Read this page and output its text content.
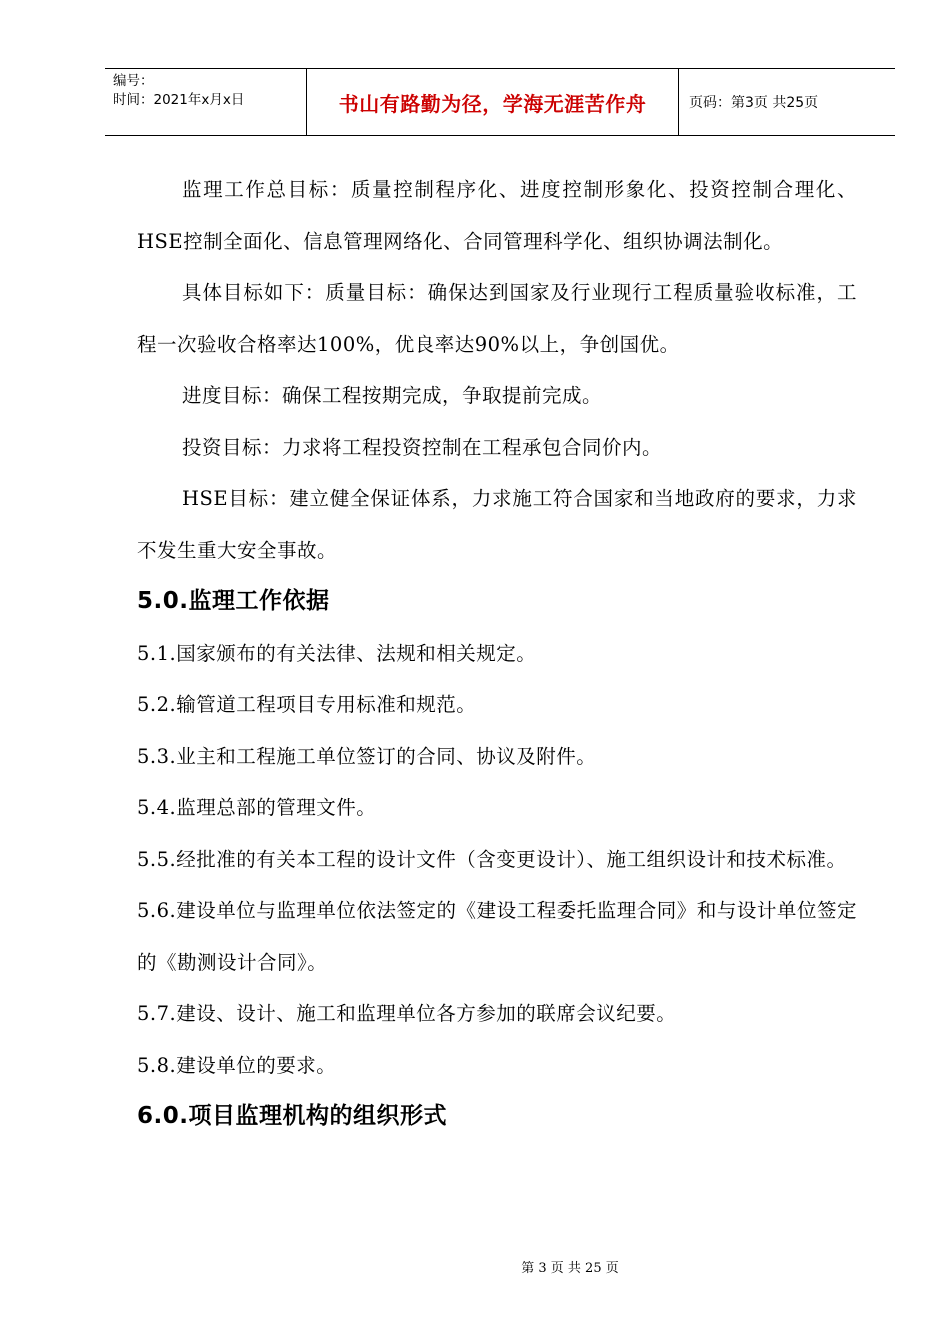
编号：
时间：2021年x月x日	书山有路勤为径，学海无涯苦作舟	页码：第3页 共25页

监理工作总目标：质量控制程序化、进度控制形象化、投资控制合理化、HSE控制全面化、信息管理网络化、合同管理科学化、组织协调法制化。

具体目标如下：质量目标：确保达到国家及行业现行工程质量验收标准，工程一次验收合格率达100%，优良率达90%以上，争创国优。

进度目标：确保工程按期完成，争取提前完成。

投资目标：力求将工程投资控制在工程承包合同价内。

HSE目标：建立健全保证体系，力求施工符合国家和当地政府的要求，力求不发生重大安全事故。

5.0.监理工作依据

5.1.国家颁布的有关法律、法规和相关规定。

5.2.输管道工程项目专用标准和规范。

5.3.业主和工程施工单位签订的合同、协议及附件。

5.4.监理总部的管理文件。

5.5.经批准的有关本工程的设计文件（含变更设计）、施工组织设计和技术标准。

5.6.建设单位与监理单位依法签定的《建设工程委托监理合同》和与设计单位签定的《勘测设计合同》。

5.7.建设、设计、施工和监理单位各方参加的联席会议纪要。

5.8.建设单位的要求。

6.0.项目监理机构的组织形式
第 3 页 共 25 页
